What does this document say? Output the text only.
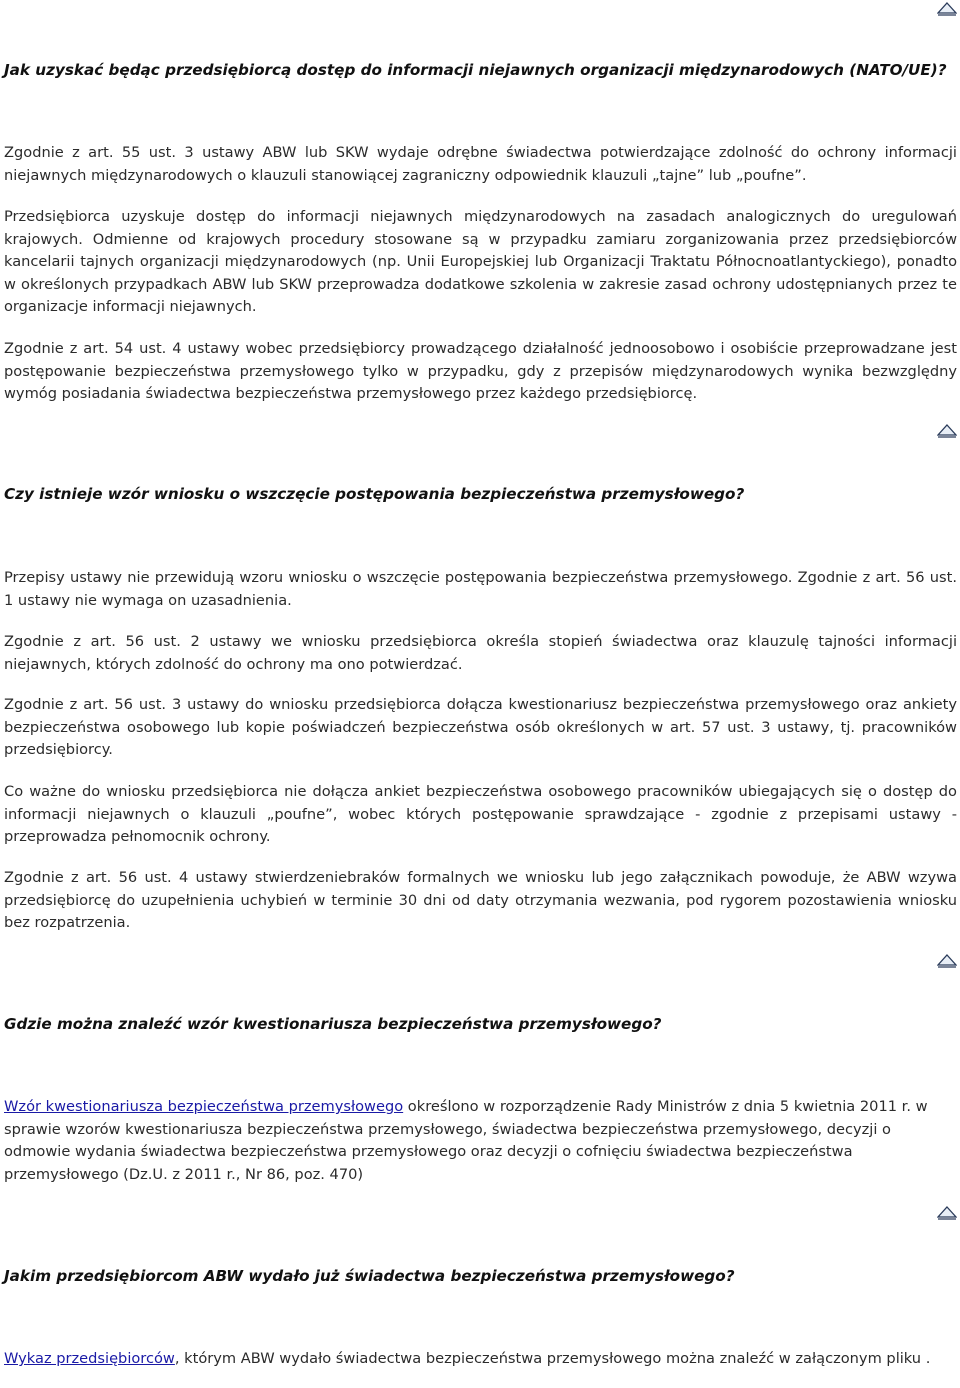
Jak uzyskać będąc przedsiębiorcą dostęp do informacji niejawnych organizacji międzynarodowych (NATO/UE)?

Zgodnie z art. 55 ust. 3 ustawy ABW lub SKW wydaje odrębne świadectwa potwierdzające zdolność do ochrony informacji niejawnych międzynarodowych o klauzuli stanowiącej zagraniczny odpowiednik klauzuli „tajne” lub „poufne”.

Przedsiębiorca uzyskuje dostęp do informacji niejawnych międzynarodowych na zasadach analogicznych do uregulowań krajowych. Odmienne od krajowych procedury stosowane są w przypadku zamiaru zorganizowania przez przedsiębiorców kancelarii tajnych organizacji międzynarodowych (np. Unii Europejskiej lub Organizacji Traktatu Północnoatlantyckiego), ponadto w określonych przypadkach ABW lub SKW przeprowadza dodatkowe szkolenia w zakresie zasad ochrony udostępnianych przez te organizacje informacji niejawnych.

Zgodnie z art. 54 ust. 4 ustawy wobec przedsiębiorcy prowadzącego działalność jednoosobowo i osobiście przeprowadzane jest postępowanie bezpieczeństwa przemysłowego tylko w przypadku, gdy z przepisów międzynarodowych wynika bezwzględny wymóg posiadania świadectwa bezpieczeństwa przemysłowego przez każdego przedsiębiorcę.

Czy istnieje wzór wniosku o wszczęcie postępowania bezpieczeństwa przemysłowego?

Przepisy ustawy nie przewidują wzoru wniosku o wszczęcie postępowania bezpieczeństwa przemysłowego. Zgodnie z art. 56 ust. 1 ustawy nie wymaga on uzasadnienia.

Zgodnie z art. 56 ust. 2 ustawy we wniosku przedsiębiorca określa stopień świadectwa oraz klauzulę tajności informacji niejawnych, których zdolność do ochrony ma ono potwierdzać.

Zgodnie z art. 56 ust. 3 ustawy do wniosku przedsiębiorca dołącza kwestionariusz bezpieczeństwa przemysłowego oraz ankiety bezpieczeństwa osobowego lub kopie poświadczeń bezpieczeństwa osób określonych w art. 57 ust. 3 ustawy, tj. pracowników przedsiębiorcy.

Co ważne do wniosku przedsiębiorca nie dołącza ankiet bezpieczeństwa osobowego pracowników ubiegających się o dostęp do informacji niejawnych o klauzuli „poufne”, wobec których postępowanie sprawdzające - zgodnie z przepisami ustawy - przeprowadza pełnomocnik ochrony.

Zgodnie z art. 56 ust. 4 ustawy stwierdzeniebraków formalnych we wniosku lub jego załącznikach powoduje, że ABW wzywa przedsiębiorcę do uzupełnienia uchybień w terminie 30 dni od daty otrzymania wezwania, pod rygorem pozostawienia wniosku bez rozpatrzenia.

Gdzie można znaleźć wzór kwestionariusza bezpieczeństwa przemysłowego?

Wzór kwestionariusza bezpieczeństwa przemysłowego określono w rozporządzenie Rady Ministrów z dnia 5 kwietnia 2011 r. w sprawie wzorów kwestionariusza bezpieczeństwa przemysłowego, świadectwa bezpieczeństwa przemysłowego, decyzji o odmowie wydania świadectwa bezpieczeństwa przemysłowego oraz decyzji o cofnięciu świadectwa bezpieczeństwa przemysłowego (Dz.U. z 2011 r., Nr 86, poz. 470)

Jakim przedsiębiorcom ABW wydało już świadectwa bezpieczeństwa przemysłowego?

Wykaz przedsiębiorców, którym ABW wydało świadectwa bezpieczeństwa przemysłowego można znaleźć w załączonym pliku .
